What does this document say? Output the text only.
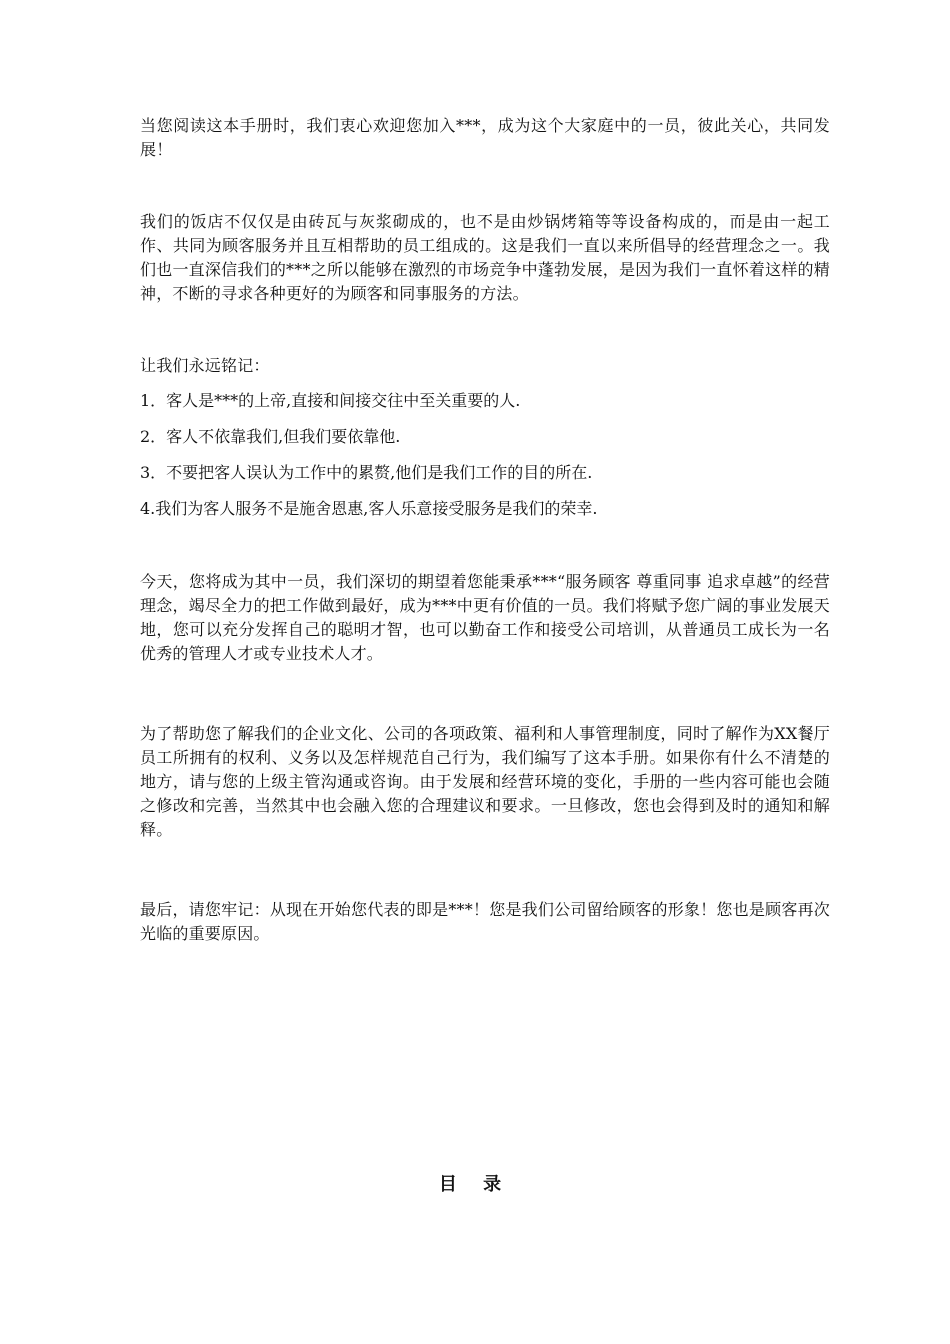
当您阅读这本手册时，我们衷心欢迎您加入***，成为这个大家庭中的一员，彼此关心，共同发展！

我们的饭店不仅仅是由砖瓦与灰浆砌成的，也不是由炒锅烤箱等等设备构成的，而是由一起工作、共同为顾客服务并且互相帮助的员工组成的。这是我们一直以来所倡导的经营理念之一。我们也一直深信我们的***之所以能够在激烈的市场竞争中蓬勃发展，是因为我们一直怀着这样的精神，不断的寻求各种更好的为顾客和同事服务的方法。

让我们永远铭记：

1．客人是***的上帝,直接和间接交往中至关重要的人.
2．客人不依靠我们,但我们要依靠他.
3．不要把客人误认为工作中的累赘,他们是我们工作的目的所在.
4.我们为客人服务不是施舍恩惠,客人乐意接受服务是我们的荣幸.

今天，您将成为其中一员，我们深切的期望着您能秉承***“服务顾客 尊重同事 追求卓越”的经营理念，竭尽全力的把工作做到最好，成为***中更有价值的一员。我们将赋予您广阔的事业发展天地，您可以充分发挥自己的聪明才智，也可以勤奋工作和接受公司培训，从普通员工成长为一名优秀的管理人才或专业技术人才。

为了帮助您了解我们的企业文化、公司的各项政策、福利和人事管理制度，同时了解作为XX餐厅员工所拥有的权利、义务以及怎样规范自己行为，我们编写了这本手册。如果你有什么不清楚的地方，请与您的上级主管沟通或咨询。由于发展和经营环境的变化，手册的一些内容可能也会随之修改和完善，当然其中也会融入您的合理建议和要求。一旦修改，您也会得到及时的通知和解释。

最后，请您牢记：从现在开始您代表的即是***！您是我们公司留给顾客的形象！您也是顾客再次光临的重要原因。

目 录
